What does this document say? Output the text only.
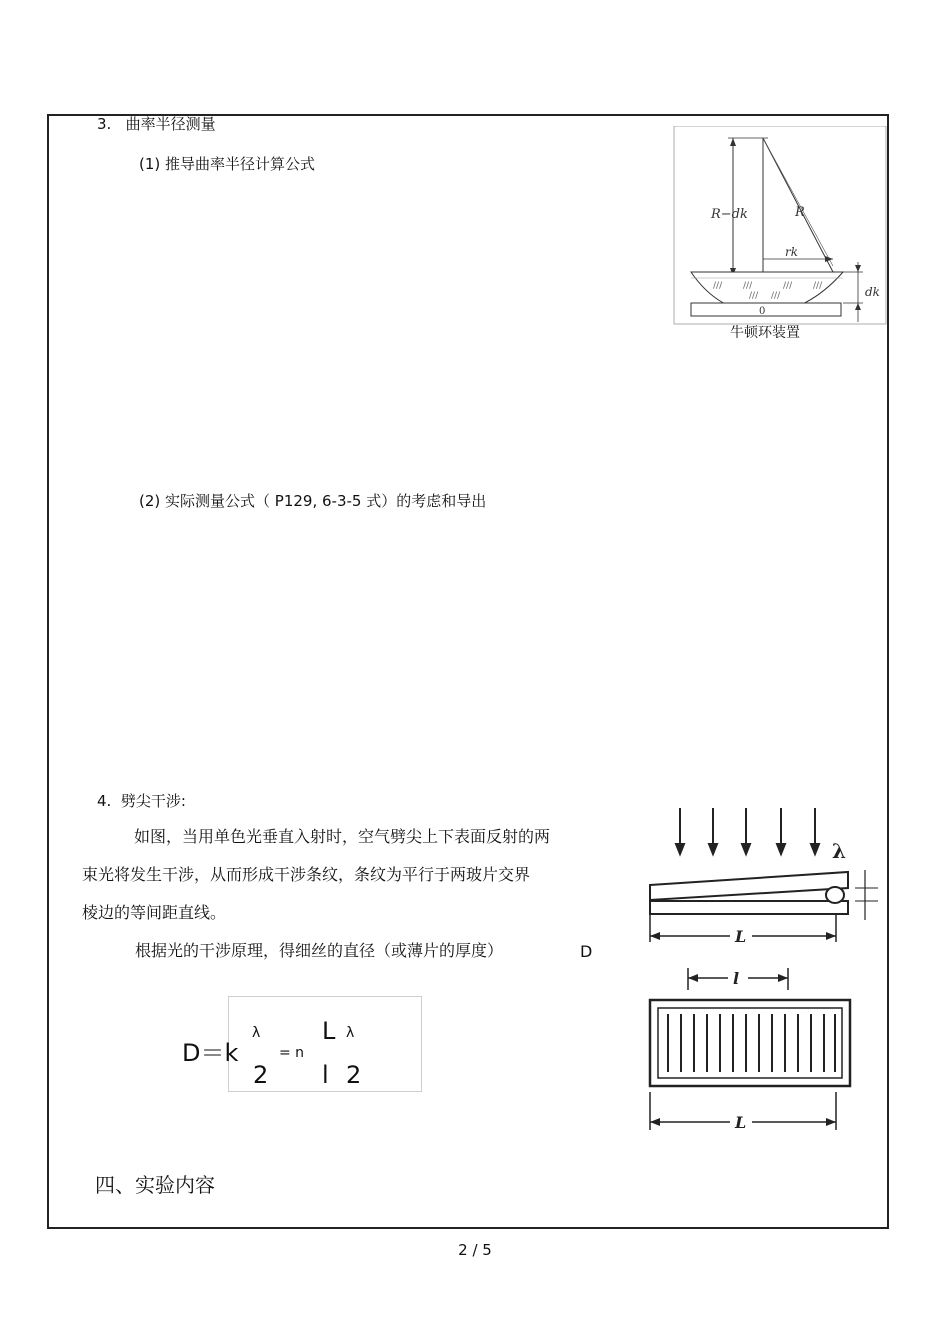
3. 曲率半径测量
(1) 推导曲率半径计算公式
(2) 实际测量公式（ P129, 6-3-5 式）的考虑和导出
/// ///	/// ///
/// ///
R−dk	R
rk
dk
0
牛顿环装置
4. 劈尖干涉:

如图，当用单色光垂直入射时，空气劈尖上下表面反射的两

束光将发生干涉，从而形成干涉条纹，条纹为平行于两玻片交界

棱边的等间距直线。

根据光的干涉原理，得细丝的直径（或薄片的厚度）	D
D＝k
λ
2
= n
L λ
l 2
λ
L
l
L
四、实验内容
2 / 5
